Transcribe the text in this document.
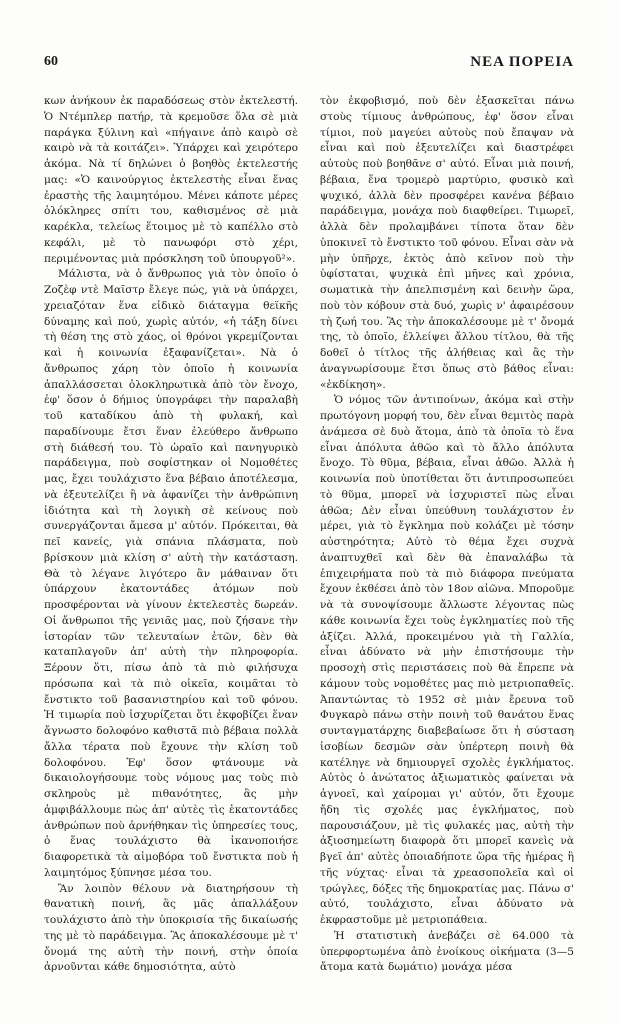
60	ΝΕΑ ΠΟΡΕΙΑ

κων ἀνήκουν ἐκ παραδόσεως στὸν ἐκτελεστή. Ὁ Ντέμπλερ πατήρ, τὰ κρεμοῦσε ὅλα σὲ μιὰ παράγκα ξύλινη καὶ «πήγαινε ἀπὸ καιρὸ σὲ καιρὸ νὰ τὰ κοιτάζει». Ὑπάρχει καὶ χειρότερο ἀκόμα. Νὰ τί δηλώνει ὁ βοηθὸς ἐκτελεστής μας: «Ὁ καινούργιος ἐκτελεστὴς εἶναι ἕνας ἐραστὴς τῆς λαιμητόμου. Μένει κάποτε μέρες ὁλόκληρες σπίτι του, καθισμένος σὲ μιὰ καρέκλα, τελείως ἕτοιμος μὲ τὸ καπέλλο στὸ κεφάλι, μὲ τὸ πανωφόρι στὸ χέρι, περιμένοντας μιὰ πρόσκληση τοῦ ὑπουργοῦ²».

Μάλιστα, νὰ ὁ ἄνθρωπος γιὰ τὸν ὁποῖο ὁ Ζοζὲφ ντὲ Μαῖστρ ἔλεγε πώς, γιὰ νὰ ὑπάρχει, χρειαζόταν ἕνα εἰδικὸ διάταγμα θεϊκῆς δύναμης καὶ πού, χωρὶς αὐτόν, «ἡ τάξη δίνει τὴ θέση της στὸ χάος, οἱ θρόνοι γκρεμίζονται καὶ ἡ κοινωνία ἐξαφανίζεται». Νὰ ὁ ἄνθρωπος χάρη τὸν ὁποῖο ἡ κοινωνία ἀπαλλάσσεται ὁλοκληρωτικὰ ἀπὸ τὸν ἔνοχο, ἐφ' ὅσον ὁ δήμιος ὑπογράφει τὴν παραλαβὴ τοῦ καταδίκου ἀπὸ τὴ φυλακή, καὶ παραδίνουμε ἔτσι ἕναν ἐλεύθερο ἄνθρωπο στὴ διάθεσή του. Τὸ ὡραῖο καὶ πανηγυρικὸ παράδειγμα, ποὺ σοφίστηκαν οἱ Νομοθέτες μας, ἔχει τουλάχιστο ἕνα βέβαιο ἀποτέλεσμα, νὰ ἐξευτελίζει ἢ νὰ ἀφανίζει τὴν ἀνθρώπινη ἰδιότητα καὶ τὴ λογικὴ σὲ κείνους ποὺ συνεργάζονται ἄμεσα μ' αὐτόν. Πρόκειται, θὰ πεῖ κανείς, γιὰ σπάνια πλάσματα, ποὺ βρίσκουν μιὰ κλίση σ' αὐτὴ τὴν κατάσταση. Θὰ τὸ λέγανε λιγότερο ἂν μάθαιναν ὅτι ὑπάρχουν ἑκατοντάδες ἀτόμων ποὺ προσφέρονται νὰ γίνουν ἐκτελεστὲς δωρεάν. Οἱ ἄνθρωποι τῆς γενιᾶς μας, ποὺ ζήσανε τὴν ἱστορίαν τῶν τελευταίων ἐτῶν, δὲν θὰ καταπλαγοῦν ἀπ' αὐτὴ τὴν πληροφορία. Ξέρουν ὅτι, πίσω ἀπὸ τὰ πιὸ φιλήσυχα πρόσωπα καὶ τὰ πιὸ οἰκεῖα, κοιμᾶται τὸ ἔνστικτο τοῦ βασανιστηρίου καὶ τοῦ φόνου. Ἡ τιμωρία ποὺ ἰσχυρίζεται ὅτι ἐκφοβίζει ἕναν ἄγνωστο δολοφόνο καθιστᾶ πιὸ βέβαια πολλὰ ἄλλα τέρατα ποὺ ἔχουνε τὴν κλίση τοῦ δολοφόνου. Ἐφ' ὅσον φτάνουμε νὰ δικαιολογήσουμε τοὺς νόμους μας τοὺς πιὸ σκληροὺς μὲ πιθανότητες, ἂς μὴν ἀμφιβάλλουμε πὼς ἀπ' αὐτὲς τὶς ἑκατοντάδες ἀνθρώπων ποὺ ἀρνήθηκαν τὶς ὑπηρεσίες τους, ὁ ἕνας τουλάχιστο θὰ ἱκανοποιήσε διαφορετικὰ τὰ αἱμοβόρα τοῦ ἔνστικτα ποὺ ἡ λαιμητόμος ξύπνησε μέσα του.

Ἂν λοιπὸν θέλουν νὰ διατηρήσουν τὴ θανατικὴ ποινή, ἂς μᾶς ἀπαλλάξουν τουλάχιστο ἀπὸ τὴν ὑποκρισία τῆς δικαίωσής της μὲ τὸ παράδειγμα. Ἂς ἀποκαλέσουμε μὲ τ' ὄνομά της αὐτὴ τὴν ποινή, στὴν ὁποία ἀρνοῦνται κάθε δημοσιότητα, αὐτὸ

τὸν ἐκφοβισμό, ποὺ δὲν ἐξασκεῖται πάνω στοὺς τίμιους ἀνθρώπους, ἐφ' ὅσον εἶναι τίμιοι, ποὺ μαγεύει αὐτοὺς ποὺ ἔπαψαν νὰ εἶναι καὶ ποὺ ἐξευτελίζει καὶ διαστρέφει αὐτοὺς ποὺ βοηθᾶνε σ' αὐτό. Εἶναι μιὰ ποινή, βέβαια, ἕνα τρομερὸ μαρτύριο, φυσικὸ καὶ ψυχικό, ἀλλὰ δὲν προσφέρει κανένα βέβαιο παράδειγμα, μονάχα ποὺ διαφθείρει. Τιμωρεῖ, ἀλλὰ δὲν προλαμβάνει τίποτα ὅταν δὲν ὑποκινεῖ τὸ ἔνστικτο τοῦ φόνου. Εἶναι σὰν νὰ μὴν ὑπῆρχε, ἐκτὸς ἀπὸ κεῖνον ποὺ τὴν ὑφίσταται, ψυχικὰ ἐπὶ μῆνες καὶ χρόνια, σωματικὰ τὴν ἀπελπισμένη καὶ δεινὴν ὥρα, ποὺ τὸν κόβουν στὰ δυό, χωρὶς ν' ἀφαιρέσουν τὴ ζωή του. Ἂς τὴν ἀποκαλέσουμε μὲ τ' ὄνομά της, τὸ ὁποῖο, ἐλλείψει ἄλλου τίτλου, θὰ τῆς δοθεῖ ὁ τίτλος τῆς ἀλήθειας καὶ ἂς τὴν ἀναγνωρίσουμε ἔτσι ὅπως στὸ βάθος εἶναι: «ἐκδίκηση».

Ὁ νόμος τῶν ἀντιποίνων, ἀκόμα καὶ στὴν πρωτόγονη μορφή του, δὲν εἶναι θεμιτὸς παρὰ ἀνάμεσα σὲ δυὸ ἄτομα, ἀπὸ τὰ ὁποῖα τὸ ἕνα εἶναι ἀπόλυτα ἀθῶο καὶ τὸ ἄλλο ἀπόλυτα ἔνοχο. Τὸ θῦμα, βέβαια, εἶναι ἀθῶο. Ἀλλὰ ἡ κοινωνία ποὺ ὑποτίθεται ὅτι ἀντιπροσωπεύει τὸ θῦμα, μπορεῖ νὰ ἰσχυριστεῖ πὼς εἶναι ἀθῶα; Δὲν εἶναι ὑπεύθυνη τουλάχιστον ἐν μέρει, γιὰ τὸ ἔγκλημα ποὺ κολάζει μὲ τόσην αὐστηρότητα; Αὐτὸ τὸ θέμα ἔχει συχνὰ ἀναπτυχθεῖ καὶ δὲν θὰ ἐπαναλάβω τὰ ἐπιχειρήματα ποὺ τὰ πιὸ διάφορα πνεύματα ἔχουν ἐκθέσει ἀπὸ τὸν 18ον αἰῶνα. Μποροῦμε νὰ τὰ συνοψίσουμε ἄλλωστε λέγοντας πὼς κάθε κοινωνία ἔχει τοὺς ἐγκληματίες ποὺ τῆς ἀξίζει. Ἀλλά, προκειμένου γιὰ τὴ Γαλλία, εἶναι ἀδύνατο νὰ μὴν ἐπιστήσουμε τὴν προσοχὴ στὶς περιστάσεις ποὺ θὰ ἔπρεπε νὰ κάμουν τοὺς νομοθέτες μας πιὸ μετριοπαθεῖς. Ἀπαντώντας τὸ 1952 σὲ μιὰν ἔρευνα τοῦ Φυγκαρὸ πάνω στὴν ποινὴ τοῦ θανάτου ἕνας συνταγματάρχης διαβεβαίωσε ὅτι ἡ σύσταση ἰσοβίων δεσμῶν σὰν ὑπέρτερη ποινὴ θὰ κατέληγε νὰ δημιουργεῖ σχολὲς ἐγκλήματος. Αὐτὸς ὁ ἀνώτατος ἀξιωματικὸς φαίνεται νὰ ἀγνοεῖ, καὶ χαίρομαι γι' αὐτόν, ὅτι ἔχουμε ἤδη τὶς σχολές μας ἐγκλήματος, ποὺ παρουσιάζουν, μὲ τὶς φυλακές μας, αὐτὴ τὴν ἀξιοσημείωτη διαφορὰ ὅτι μπορεῖ κανεὶς νὰ βγεῖ ἀπ' αὐτὲς ὁποιαδήποτε ὥρα τῆς ἡμέρας ἢ τῆς νύχτας· εἶναι τὰ χρεασοπολεῖα καὶ οἱ τρώγλες, δόξες τῆς δημοκρατίας μας. Πάνω σ' αὐτό, τουλάχιστο, εἶναι ἀδύνατο νὰ ἐκφραστοῦμε μὲ μετριοπάθεια.

Ἡ στατιστικὴ ἀνεβάζει σὲ 64.000 τὰ ὑπερφορτωμένα ἀπὸ ἐνοίκους οἰκήματα (3—5 ἄτομα κατὰ δωμάτιο) μονάχα μέσα
